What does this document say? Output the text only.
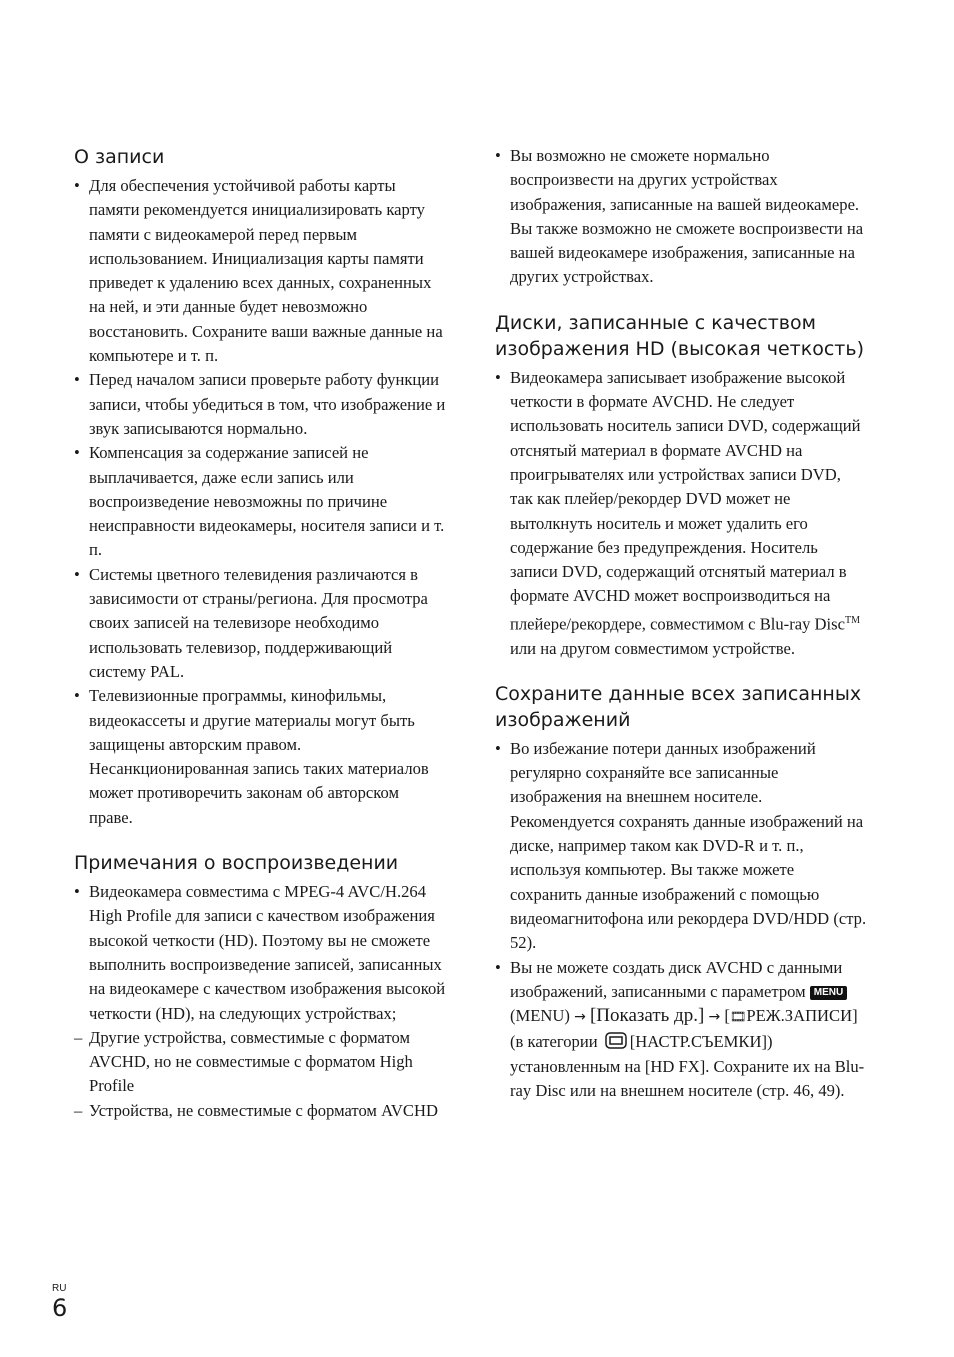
О записи
• Для обеспечения устойчивой работы карты памяти рекомендуется инициализировать карту памяти с видеокамерой перед первым использованием. Инициализация карты памяти приведет к удалению всех данных, сохраненных на ней, и эти данные будет невозможно восстановить. Сохраните ваши важные данные на компьютере и т. п.
• Перед началом записи проверьте работу функции записи, чтобы убедиться в том, что изображение и звук записываются нормально.
• Компенсация за содержание записей не выплачивается, даже если запись или воспроизведение невозможны по причине неисправности видеокамеры, носителя записи и т. п.
• Системы цветного телевидения различаются в зависимости от страны/региона. Для просмотра своих записей на телевизоре необходимо использовать телевизор, поддерживающий систему PAL.
• Телевизионные программы, кинофильмы, видеокассеты и другие материалы могут быть защищены авторским правом. Несанкционированная запись таких материалов может противоречить законам об авторском праве.
Примечания о воспроизведении
• Видеокамера совместима с MPEG-4 AVC/H.264 High Profile для записи с качеством изображения высокой четкости (HD). Поэтому вы не сможете выполнить воспроизведение записей, записанных на видеокамере с качеством изображения высокой четкости (HD), на следующих устройствах;
– Другие устройства, совместимые с форматом AVCHD, но не совместимые с форматом High Profile
– Устройства, не совместимые с форматом AVCHD
• Вы возможно не сможете нормально воспроизвести на других устройствах изображения, записанные на вашей видеокамере. Вы также возможно не сможете воспроизвести на вашей видеокамере изображения, записанные на других устройствах.
Диски, записанные с качеством изображения HD (высокая четкость)
• Видеокамера записывает изображение высокой четкости в формате AVCHD. Не следует использовать носитель записи DVD, содержащий отснятый материал в формате AVCHD на проигрывателях или устройствах записи DVD, так как плейер/рекордер DVD может не вытолкнуть носитель и может удалить его содержание без предупреждения. Носитель записи DVD, содержащий отснятый материал в формате AVCHD может воспроизводиться на плейере/рекордере, совместимом с Blu-ray Disc™ или на другом совместимом устройстве.
Сохраните данные всех записанных изображений
• Во избежание потери данных изображений регулярно сохраняйте все записанные изображения на внешнем носителе. Рекомендуется сохранять данные изображений на диске, например таком как DVD-R и т. п., используя компьютер. Вы также можете сохранить данные изображений с помощью видеомагнитофона или рекордера DVD/HDD (стр. 52).
• Вы не можете создать диск AVCHD с данными изображений, записанными с параметром MENU (MENU) → [Показать др.] → [🎞РЕЖ.ЗАПИСИ] (в категории [НАСТР.СЪЕМКИ]) установленным на [HD FX]. Сохраните их на Blu-ray Disc или на внешнем носителе (стр. 46, 49).
RU
6
